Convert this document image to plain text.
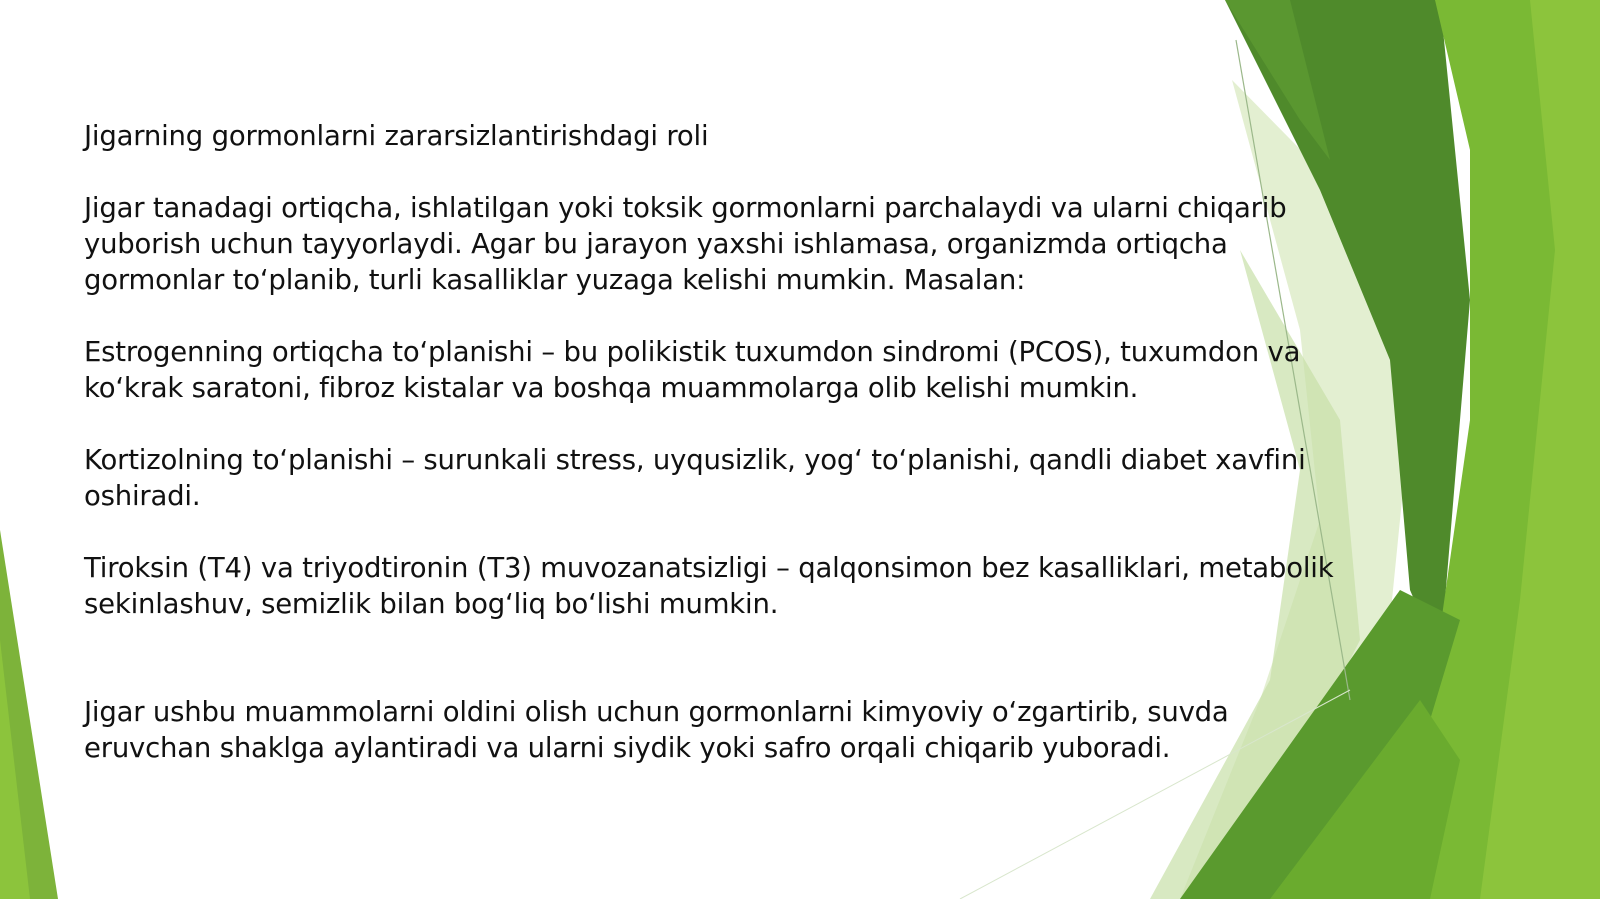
Jigarning gormonlarni zararsizlantirishdagi roli

Jigar tanadagi ortiqcha, ishlatilgan yoki toksik gormonlarni parchalaydi va ularni chiqarib yuborish uchun tayyorlaydi. Agar bu jarayon yaxshi ishlamasa, organizmda ortiqcha gormonlar to‘planib, turli kasalliklar yuzaga kelishi mumkin. Masalan:

Estrogenning ortiqcha to‘planishi – bu polikistik tuxumdon sindromi (PCOS), tuxumdon va ko‘krak saratoni, fibroz kistalar va boshqa muammolarga olib kelishi mumkin.

Kortizolning to‘planishi – surunkali stress, uyqusizlik, yog‘ to‘planishi, qandli diabet xavfini oshiradi.

Tiroksin (T4) va triyodtironin (T3) muvozanatsizligi – qalqonsimon bez kasalliklari, metabolik sekinlashuv, semizlik bilan bog‘liq bo‘lishi mumkin.

Jigar ushbu muammolarni oldini olish uchun gormonlarni kimyoviy o‘zgartirib, suvda eruvchan shaklga aylantiradi va ularni siydik yoki safro orqali chiqarib yuboradi.
